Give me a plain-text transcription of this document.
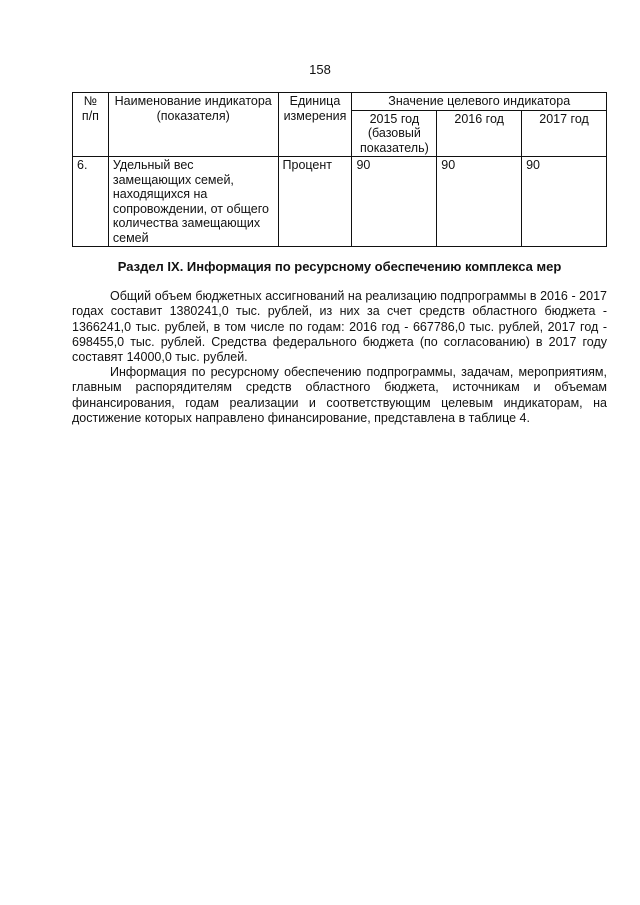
158
№ п/п	Наименование индикатора (показателя)	Единица измерения	Значение целевого индикатора		
			2015 год (базовый показатель)	2016 год	2017 год
6.	Удельный вес замещающих семей, находящихся на сопровождении, от общего количества замещающих семей	Процент	90	90	90
Раздел IX. Информация по ресурсному обеспечению комплекса мер

Общий объем бюджетных ассигнований на реализацию подпрограммы в 2016 - 2017 годах составит 1380241,0 тыс. рублей, из них за счет средств областного бюджета - 1366241,0 тыс. рублей, в том числе по годам: 2016 год - 667786,0 тыс. рублей, 2017 год - 698455,0 тыс. рублей. Средства федерального бюджета (по согласованию) в 2017 году составят 14000,0 тыс. рублей.

Информация по ресурсному обеспечению подпрограммы, задачам, мероприятиям, главным распорядителям средств областного бюджета, источникам и объемам финансирования, годам реализации и соответствующим целевым индикаторам, на достижение которых направлено финансирование, представлена в таблице 4.
